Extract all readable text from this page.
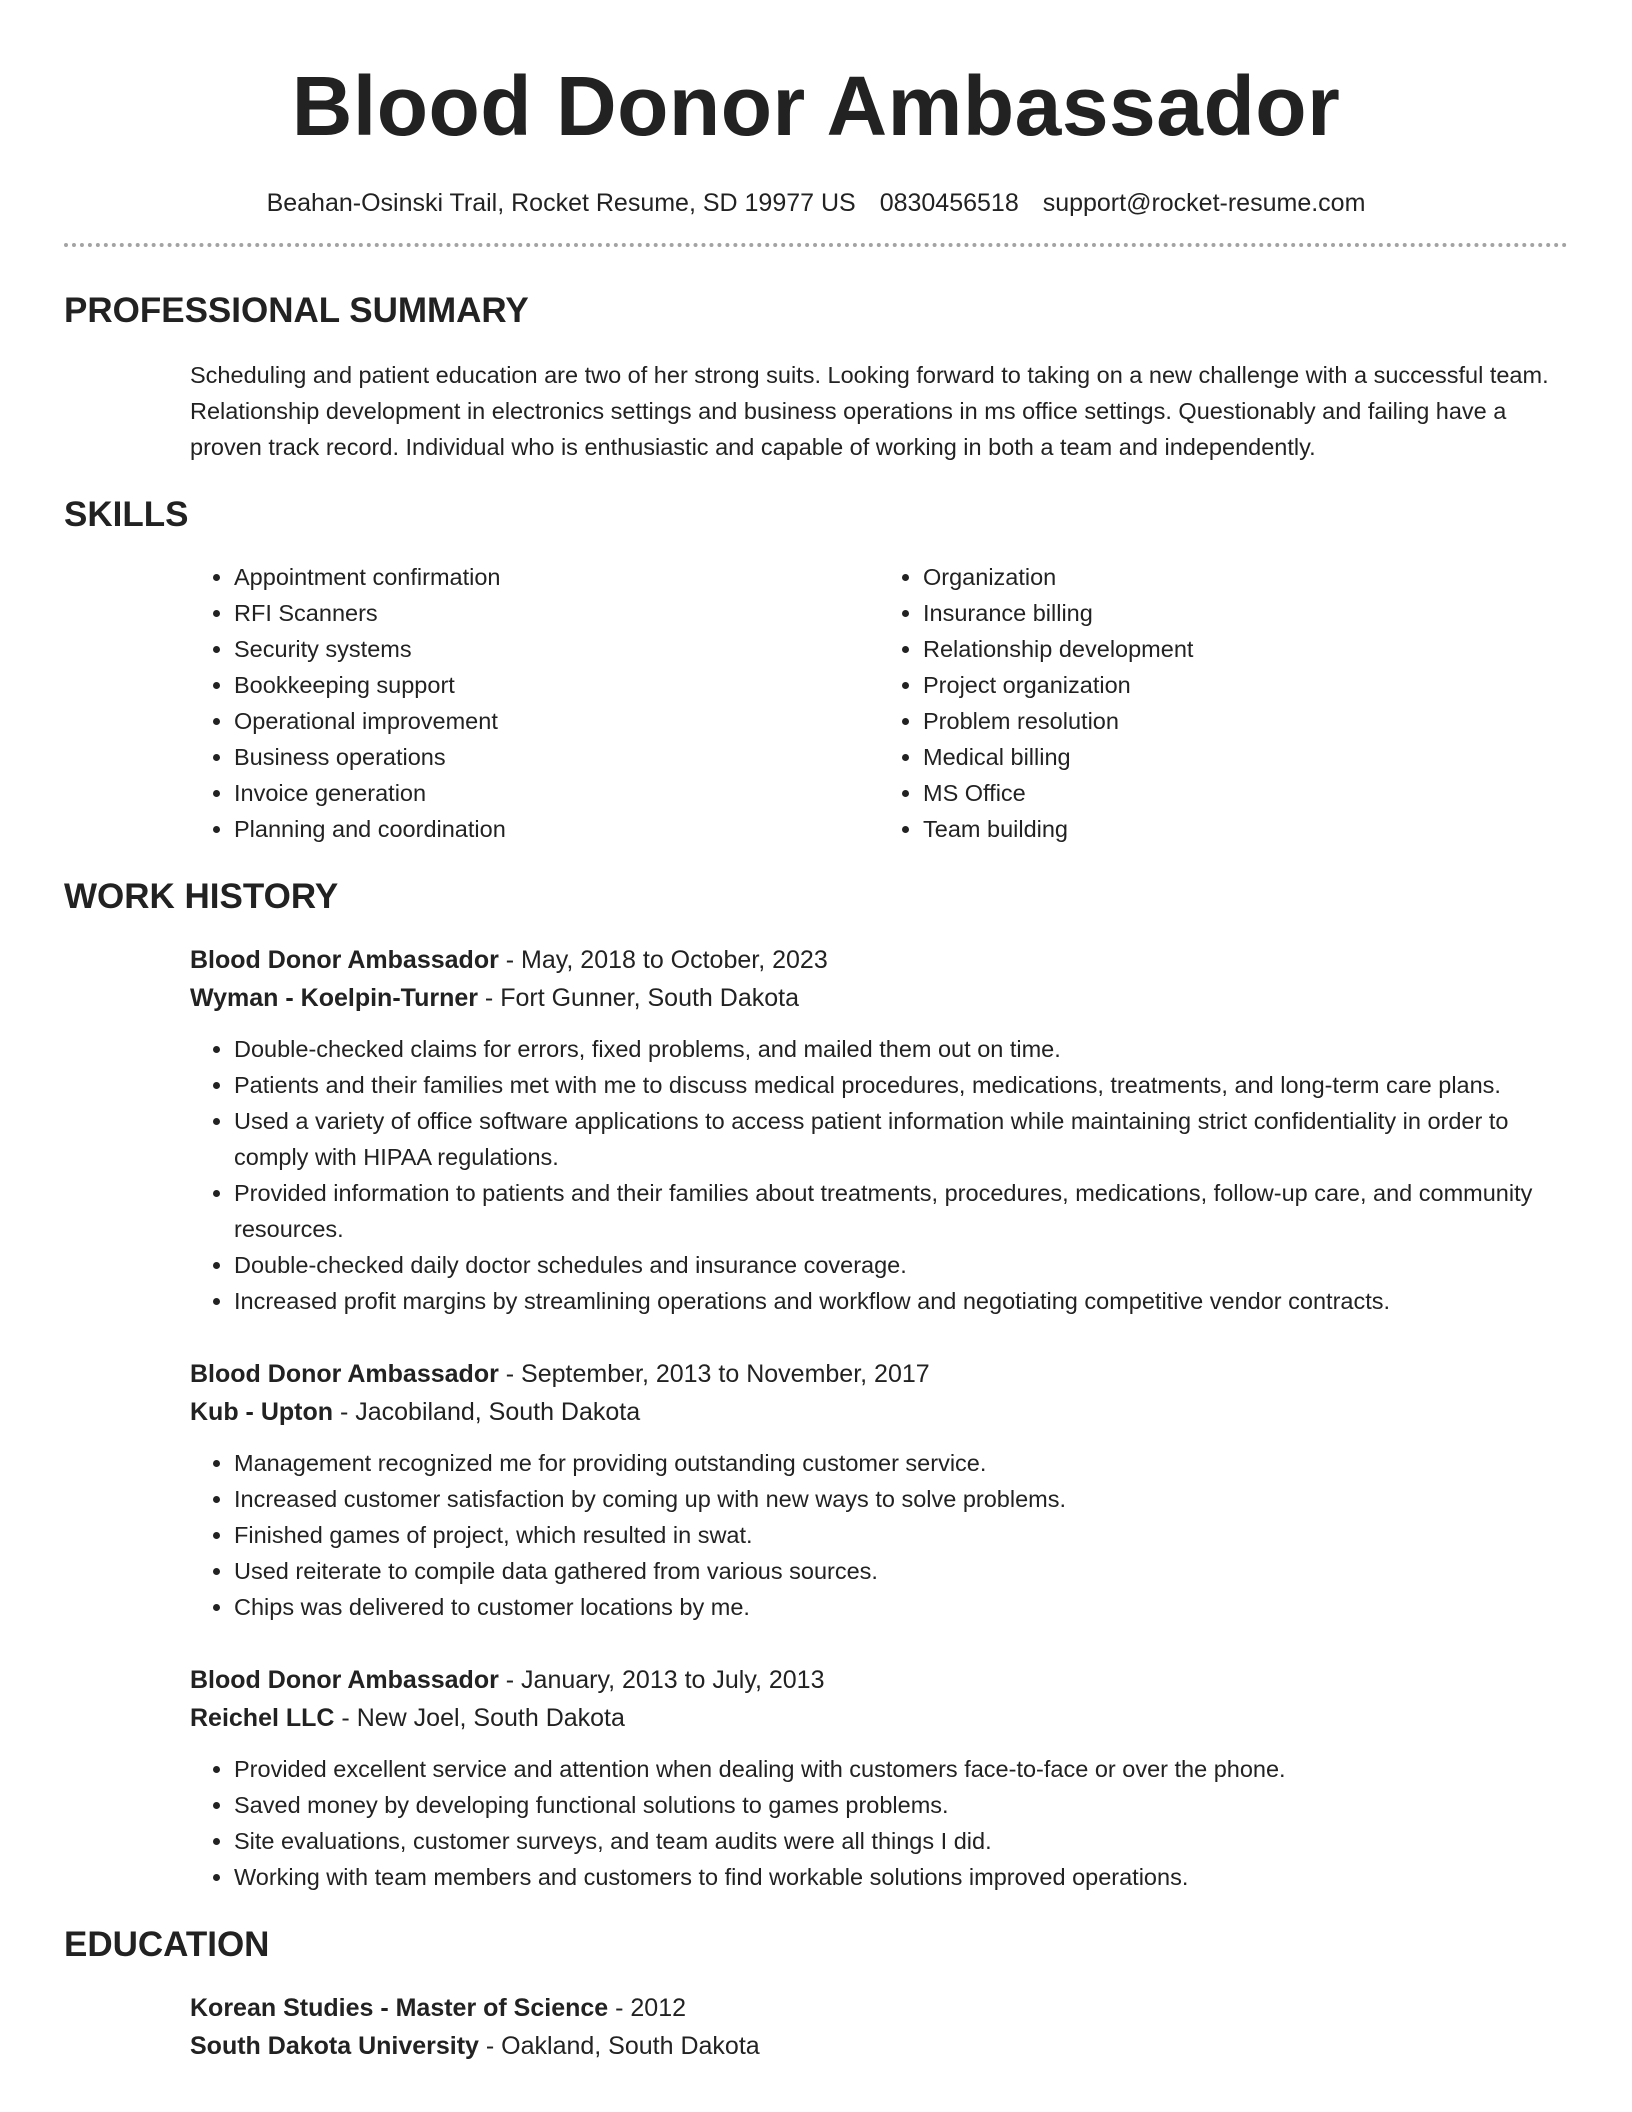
Blood Donor Ambassador
Beahan-Osinski Trail, Rocket Resume, SD 19977 US 0830456518 support@rocket-resume.com
PROFESSIONAL SUMMARY
Scheduling and patient education are two of her strong suits. Looking forward to taking on a new challenge with a successful team. Relationship development in electronics settings and business operations in ms office settings. Questionably and failing have a proven track record. Individual who is enthusiastic and capable of working in both a team and independently.
SKILLS
• Appointment confirmation
• RFI Scanners
• Security systems
• Bookkeeping support
• Operational improvement
• Business operations
• Invoice generation
• Planning and coordination
• Organization
• Insurance billing
• Relationship development
• Project organization
• Problem resolution
• Medical billing
• MS Office
• Team building
WORK HISTORY
Blood Donor Ambassador - May, 2018 to October, 2023
Wyman - Koelpin-Turner - Fort Gunner, South Dakota
• Double-checked claims for errors, fixed problems, and mailed them out on time.
• Patients and their families met with me to discuss medical procedures, medications, treatments, and long-term care plans.
• Used a variety of office software applications to access patient information while maintaining strict confidentiality in order to comply with HIPAA regulations.
• Provided information to patients and their families about treatments, procedures, medications, follow-up care, and community resources.
• Double-checked daily doctor schedules and insurance coverage.
• Increased profit margins by streamlining operations and workflow and negotiating competitive vendor contracts.
Blood Donor Ambassador - September, 2013 to November, 2017
Kub - Upton - Jacobiland, South Dakota
• Management recognized me for providing outstanding customer service.
• Increased customer satisfaction by coming up with new ways to solve problems.
• Finished games of project, which resulted in swat.
• Used reiterate to compile data gathered from various sources.
• Chips was delivered to customer locations by me.
Blood Donor Ambassador - January, 2013 to July, 2013
Reichel LLC - New Joel, South Dakota
• Provided excellent service and attention when dealing with customers face-to-face or over the phone.
• Saved money by developing functional solutions to games problems.
• Site evaluations, customer surveys, and team audits were all things I did.
• Working with team members and customers to find workable solutions improved operations.
EDUCATION
Korean Studies - Master of Science - 2012
South Dakota University - Oakland, South Dakota
